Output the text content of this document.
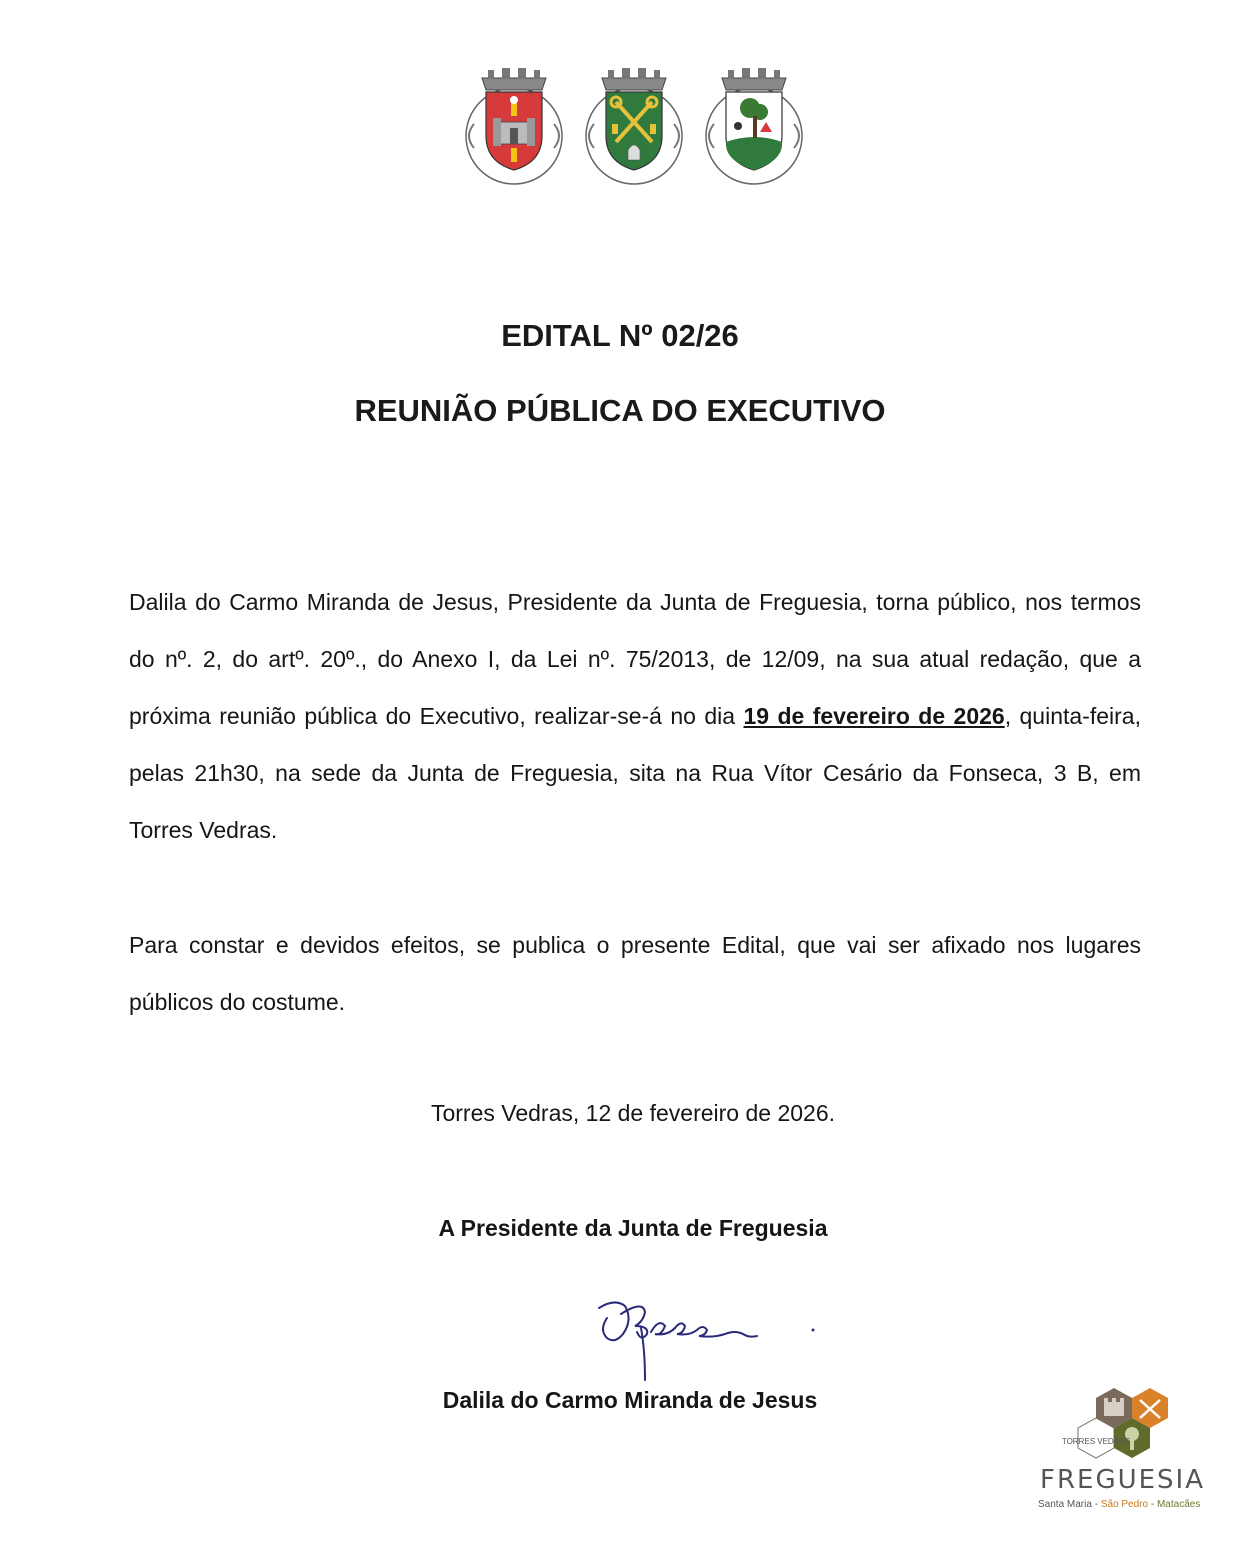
EDITAL Nº 02/26
REUNIÃO PÚBLICA DO EXECUTIVO

Dalila do Carmo Miranda de Jesus, Presidente da Junta de Freguesia, torna público, nos termos do nº. 2, do artº. 20º., do Anexo I, da Lei nº. 75/2013, de 12/09, na sua atual redação, que a próxima reunião pública do Executivo, realizar-se-á no dia 19 de fevereiro de 2026, quinta-feira, pelas 21h30, na sede da Junta de Freguesia, sita na Rua Vítor Cesário da Fonseca, 3 B, em Torres Vedras.

Para constar e devidos efeitos, se publica o presente Edital, que vai ser afixado nos lugares públicos do costume.

Torres Vedras, 12 de fevereiro de 2026.

A Presidente da Junta de Freguesia

Dalila do Carmo Miranda de Jesus

TORRES VEDRAS
FREGUESIA
Santa Maria - São Pedro - Matacães
